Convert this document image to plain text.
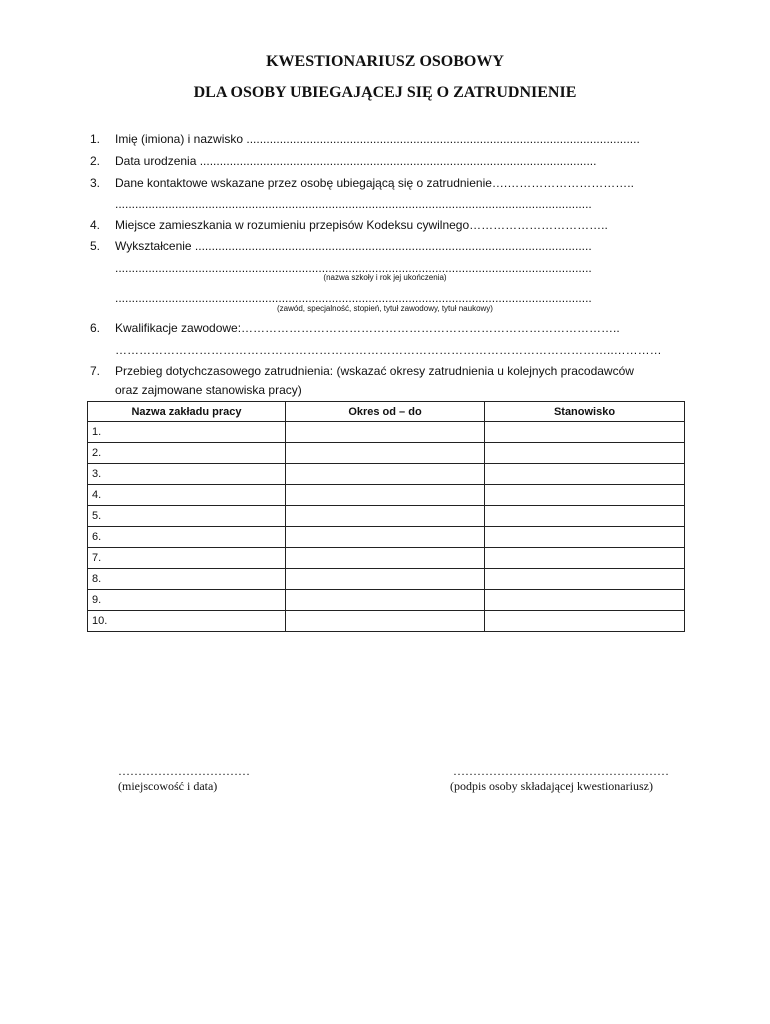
KWESTIONARIUSZ OSOBOWY
DLA OSOBY UBIEGAJĄCEJ SIĘ O ZATRUDNIENIE
1. Imię (imiona) i nazwisko ......................................................................................................................
2. Data urodzenia .......................................................................................................................
3. Dane kontaktowe wskazane przez osobę ubiegającą się o zatrudnienie….…………………………..
...............................................................................................................................................
4. Miejsce zamieszkania w rozumieniu przepisów Kodeksu cywilnego……………………………..
5. Wykształcenie .......................................................................................................................
...............................................................................................................................................
...............................................................................................................................................
6. Kwalifikacje zawodowe:…………………………………………………………………………………..
……………………………………………………………………………………………………………..…………
7. Przebieg dotychczasowego zatrudnienia: (wskazać okresy zatrudnienia u kolejnych pracodawców
oraz zajmowane stanowiska pracy)
(nazwa szkoły i rok jej ukończenia)
(zawód, specjalność, stopień, tytuł zawodowy, tytuł naukowy)
Nazwa zakładu pracy	Okres od – do	Stanowisko
1.		
2.		
3.		
4.		
5.		
6.		
7.		
8.		
9.		
10.		
……………………………
(miejscowość i data)
………………………………………………
(podpis osoby składającej kwestionariusz)
